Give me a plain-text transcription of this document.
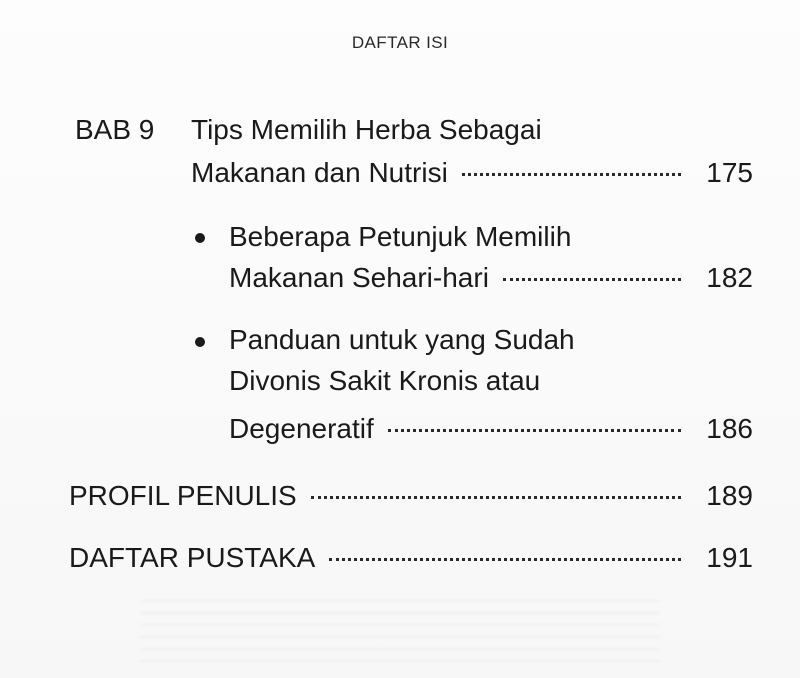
DAFTAR ISI
BAB 9 Tips Memilih Herba Sebagai
Makanan dan Nutrisi	175
Beberapa Petunjuk Memilih
Makanan Sehari-hari	182
Panduan untuk yang Sudah
Divonis Sakit Kronis atau
Degeneratif	186
PROFIL PENULIS	189
DAFTAR PUSTAKA	191
